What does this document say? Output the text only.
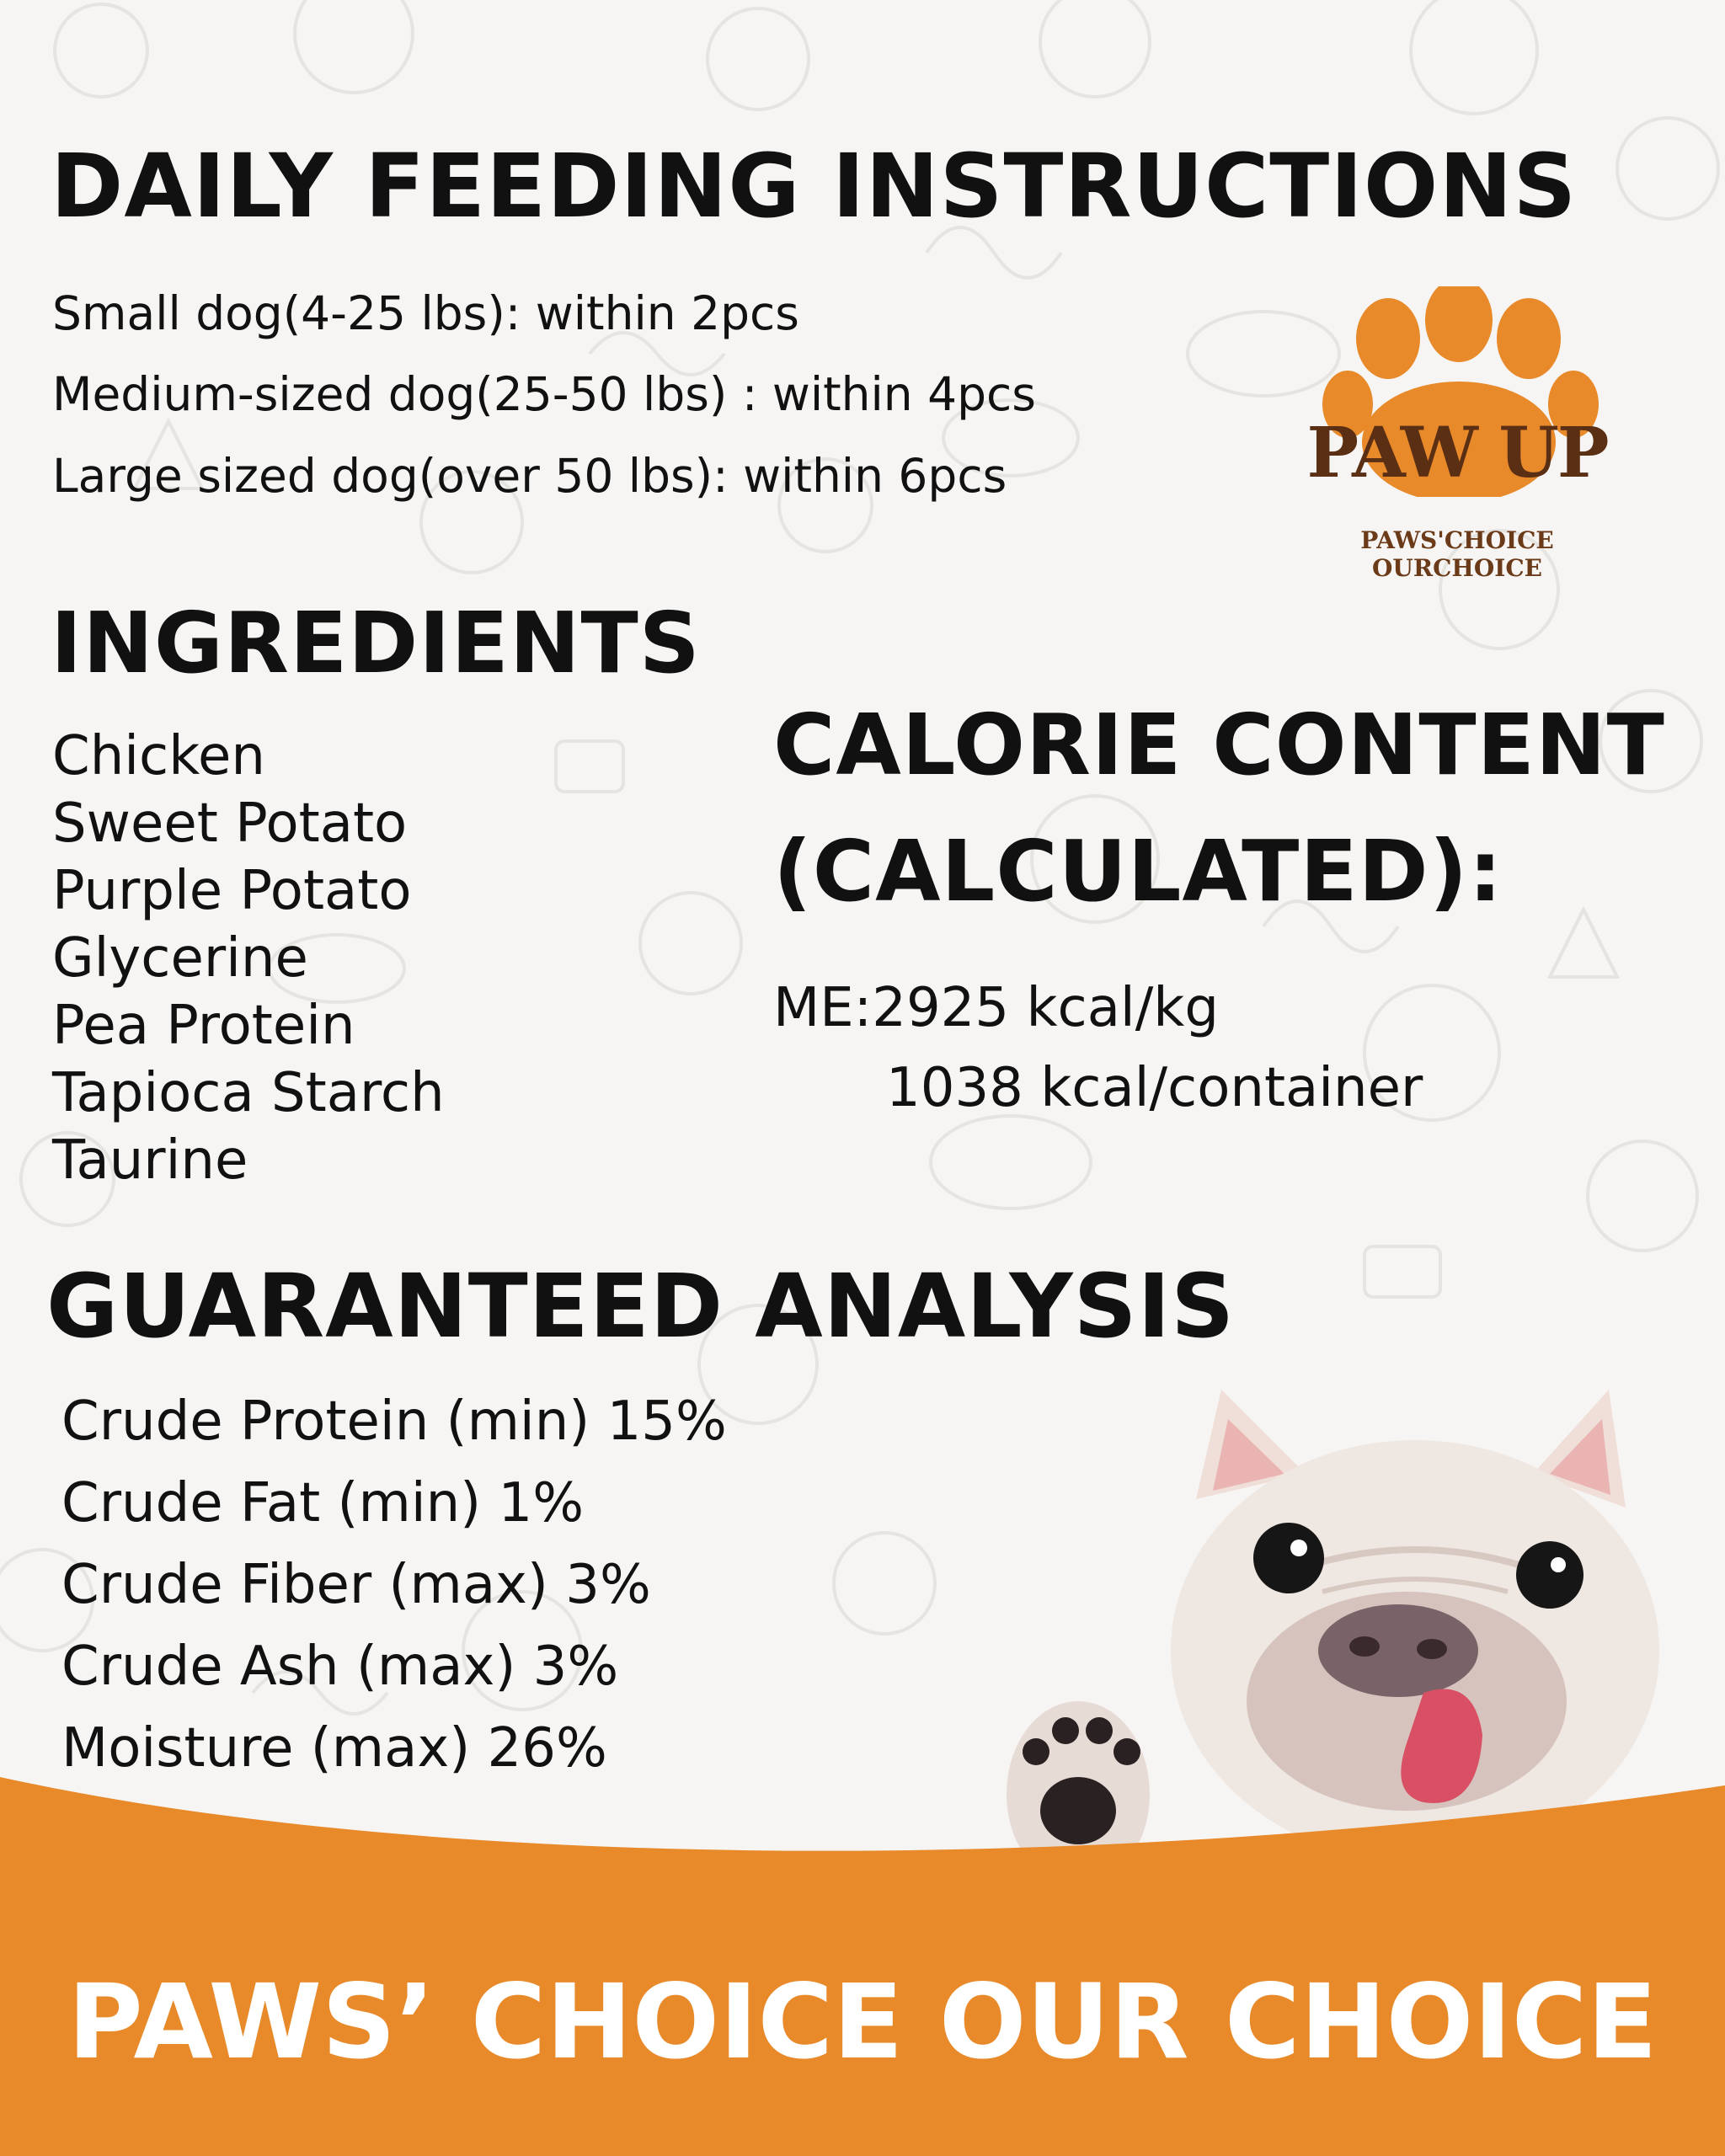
DAILY FEEDING INSTRUCTIONS

Small dog(4-25 lbs): within 2pcs

Medium-sized dog(25-50 lbs) : within 4pcs

Large sized dog(over 50 lbs): within 6pcs	PAW UP
PAWS'CHOICE OURCHOICE
INGREDIENTS
Chicken
Sweet Potato
Purple Potato
Glycerine
Pea Protein
Tapioca Starch
Taurine
CALORIE CONTENT
(CALCULATED):

ME:2925 kcal/kg

1038 kcal/container

GUARANTEED ANALYSIS
Crude Protein (min) 15%
Crude Fat (min) 1%
Crude Fiber (max) 3%
Crude Ash (max) 3%
Moisture (max) 26%
PAWS’ CHOICE OUR CHOICE
